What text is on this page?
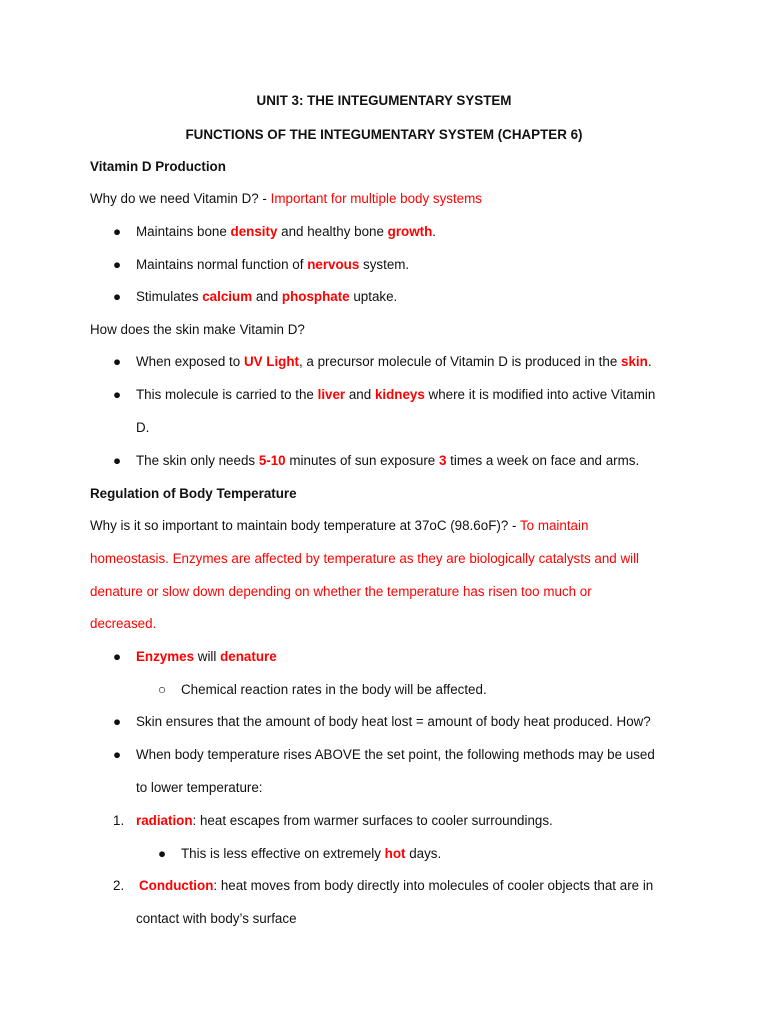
UNIT 3: THE INTEGUMENTARY SYSTEM
FUNCTIONS OF THE INTEGUMENTARY SYSTEM (CHAPTER 6)
Vitamin D Production
Why do we need Vitamin D? - Important for multiple body systems
● Maintains bone density and healthy bone growth.
● Maintains normal function of nervous system.
● Stimulates calcium and phosphate uptake.
How does the skin make Vitamin D?
● When exposed to UV Light, a precursor molecule of Vitamin D is produced in the skin.
● This molecule is carried to the liver and kidneys where it is modified into active Vitamin
D.
● The skin only needs 5-10 minutes of sun exposure 3 times a week on face and arms.
Regulation of Body Temperature
Why is it so important to maintain body temperature at 37oC (98.6oF)? - To maintain
homeostasis. Enzymes are affected by temperature as they are biologically catalysts and will
denature or slow down depending on whether the temperature has risen too much or
decreased.
● Enzymes will denature
○ Chemical reaction rates in the body will be affected.
● Skin ensures that the amount of body heat lost = amount of body heat produced. How?
● When body temperature rises ABOVE the set point, the following methods may be used
to lower temperature:
1. radiation: heat escapes from warmer surfaces to cooler surroundings.
● This is less effective on extremely hot days.
2. Conduction: heat moves from body directly into molecules of cooler objects that are in
contact with body’s surface
